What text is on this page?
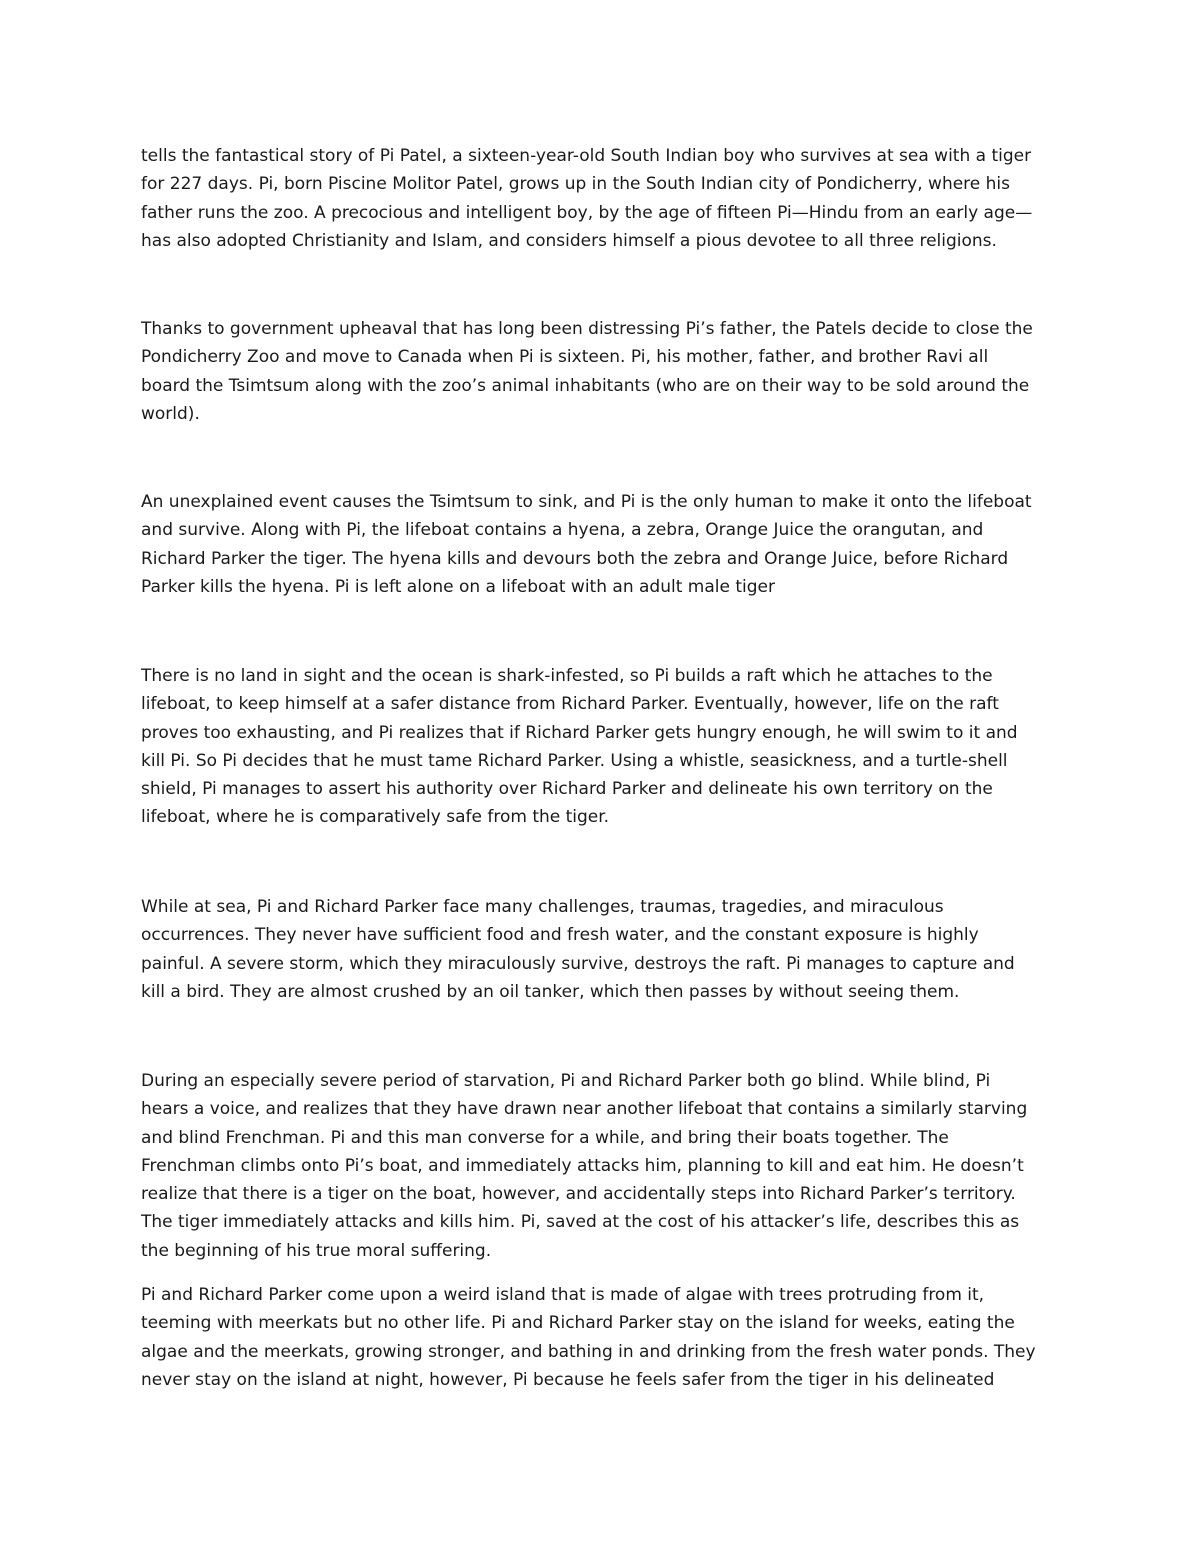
tells the fantastical story of Pi Patel, a sixteen-year-old South Indian boy who survives at sea with a tiger
for 227 days. Pi, born Piscine Molitor Patel, grows up in the South Indian city of Pondicherry, where his
father runs the zoo. A precocious and intelligent boy, by the age of fifteen Pi—Hindu from an early age—
has also adopted Christianity and Islam, and considers himself a pious devotee to all three religions.
Thanks to government upheaval that has long been distressing Pi’s father, the Patels decide to close the
Pondicherry Zoo and move to Canada when Pi is sixteen. Pi, his mother, father, and brother Ravi all
board the Tsimtsum along with the zoo’s animal inhabitants (who are on their way to be sold around the
world).
An unexplained event causes the Tsimtsum to sink, and Pi is the only human to make it onto the lifeboat
and survive. Along with Pi, the lifeboat contains a hyena, a zebra, Orange Juice the orangutan, and
Richard Parker the tiger. The hyena kills and devours both the zebra and Orange Juice, before Richard
Parker kills the hyena. Pi is left alone on a lifeboat with an adult male tiger
There is no land in sight and the ocean is shark-infested, so Pi builds a raft which he attaches to the
lifeboat, to keep himself at a safer distance from Richard Parker. Eventually, however, life on the raft
proves too exhausting, and Pi realizes that if Richard Parker gets hungry enough, he will swim to it and
kill Pi. So Pi decides that he must tame Richard Parker. Using a whistle, seasickness, and a turtle-shell
shield, Pi manages to assert his authority over Richard Parker and delineate his own territory on the
lifeboat, where he is comparatively safe from the tiger.
While at sea, Pi and Richard Parker face many challenges, traumas, tragedies, and miraculous
occurrences. They never have sufficient food and fresh water, and the constant exposure is highly
painful. A severe storm, which they miraculously survive, destroys the raft. Pi manages to capture and
kill a bird. They are almost crushed by an oil tanker, which then passes by without seeing them.
During an especially severe period of starvation, Pi and Richard Parker both go blind. While blind, Pi
hears a voice, and realizes that they have drawn near another lifeboat that contains a similarly starving
and blind Frenchman. Pi and this man converse for a while, and bring their boats together. The
Frenchman climbs onto Pi’s boat, and immediately attacks him, planning to kill and eat him. He doesn’t
realize that there is a tiger on the boat, however, and accidentally steps into Richard Parker’s territory.
The tiger immediately attacks and kills him. Pi, saved at the cost of his attacker’s life, describes this as
the beginning of his true moral suffering.
Pi and Richard Parker come upon a weird island that is made of algae with trees protruding from it,
teeming with meerkats but no other life. Pi and Richard Parker stay on the island for weeks, eating the
algae and the meerkats, growing stronger, and bathing in and drinking from the fresh water ponds. They
never stay on the island at night, however, Pi because he feels safer from the tiger in his delineated
